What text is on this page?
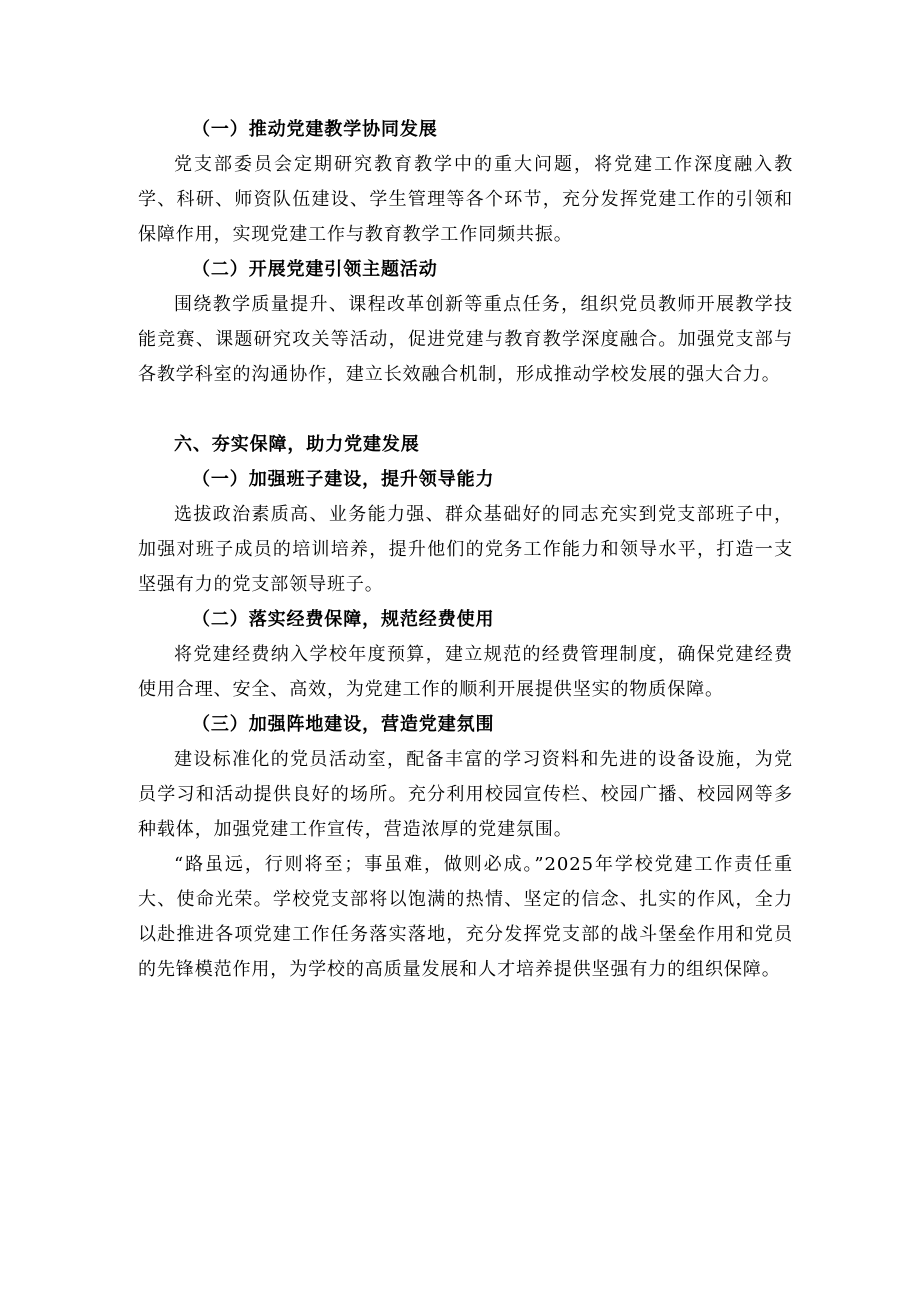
（一）推动党建教学协同发展

党支部委员会定期研究教育教学中的重大问题，将党建工作深度融入教学、科研、师资队伍建设、学生管理等各个环节，充分发挥党建工作的引领和保障作用，实现党建工作与教育教学工作同频共振。

（二）开展党建引领主题活动

围绕教学质量提升、课程改革创新等重点任务，组织党员教师开展教学技能竞赛、课题研究攻关等活动，促进党建与教育教学深度融合。加强党支部与各教学科室的沟通协作，建立长效融合机制，形成推动学校发展的强大合力。

六、夯实保障，助力党建发展

（一）加强班子建设，提升领导能力

选拔政治素质高、业务能力强、群众基础好的同志充实到党支部班子中，加强对班子成员的培训培养，提升他们的党务工作能力和领导水平，打造一支坚强有力的党支部领导班子。

（二）落实经费保障，规范经费使用

将党建经费纳入学校年度预算，建立规范的经费管理制度，确保党建经费使用合理、安全、高效，为党建工作的顺利开展提供坚实的物质保障。

（三）加强阵地建设，营造党建氛围

建设标准化的党员活动室，配备丰富的学习资料和先进的设备设施，为党员学习和活动提供良好的场所。充分利用校园宣传栏、校园广播、校园网等多种载体，加强党建工作宣传，营造浓厚的党建氛围。

“路虽远，行则将至；事虽难，做则必成。”2025年学校党建工作责任重大、使命光荣。学校党支部将以饱满的热情、坚定的信念、扎实的作风，全力以赴推进各项党建工作任务落实落地，充分发挥党支部的战斗堡垒作用和党员的先锋模范作用，为学校的高质量发展和人才培养提供坚强有力的组织保障。
